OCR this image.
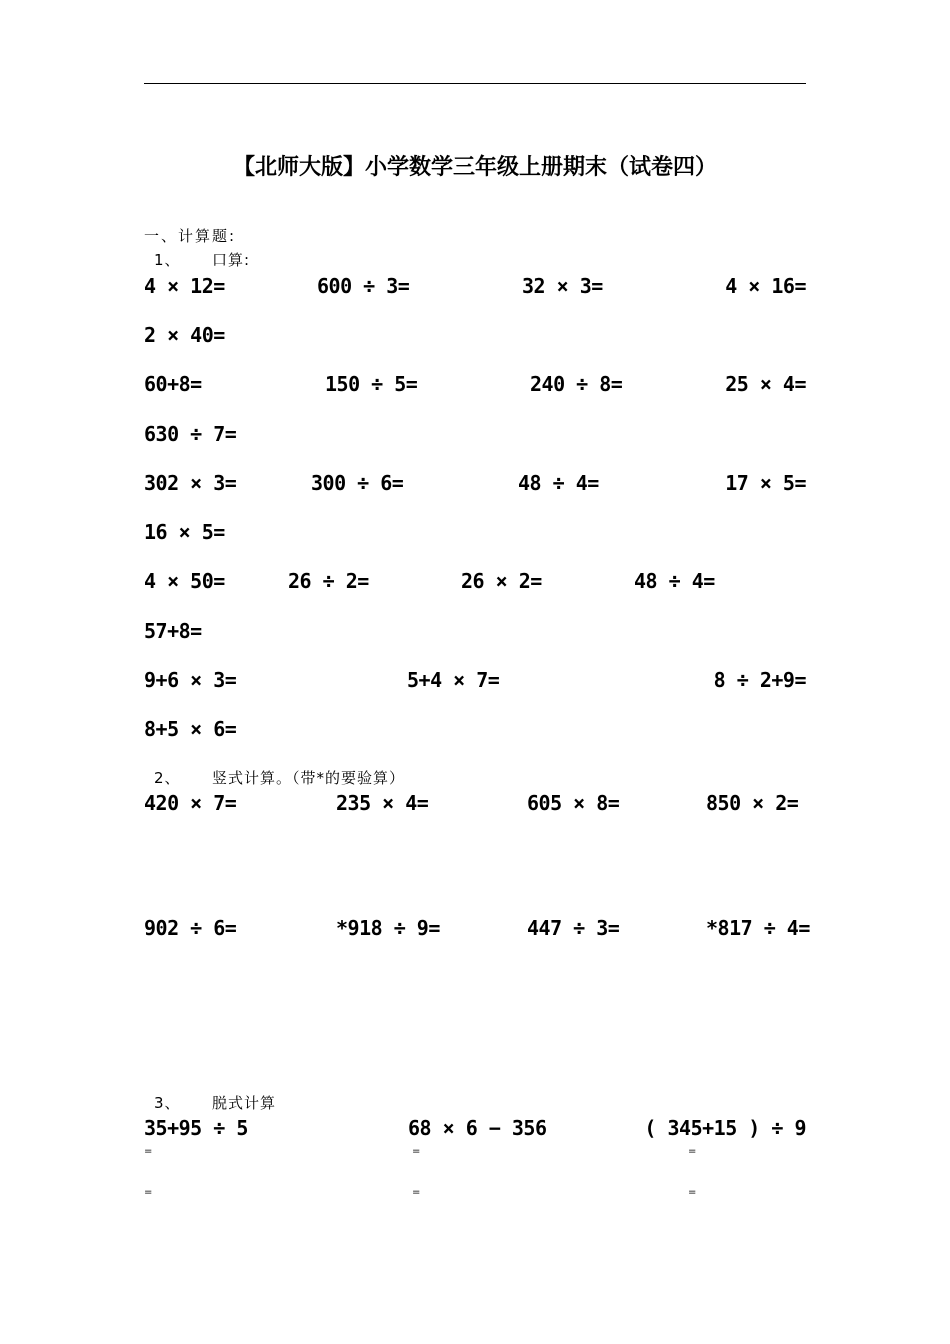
【北师大版】小学数学三年级上册期末（试卷四）
一、计算题:
1、 口算:
4 × 12=	600 ÷ 3=	32 × 3=	4 × 16=
2 × 40=
60+8=	150 ÷ 5=	240 ÷ 8=	25 × 4=
630 ÷ 7=
302 × 3=	300 ÷ 6=	48 ÷ 4=	17 × 5=
16 × 5=
4 × 50=	26 ÷ 2=	26 × 2=	48 ÷ 4=
57+8=
9+6 × 3=	5+4 × 7=	8 ÷ 2+9=
8+5 × 6=
2、 竖式计算。（带*的要验算）
420 × 7=	235 × 4=	605 × 8=	850 × 2=
902 ÷ 6=	*918 ÷ 9=	447 ÷ 3=	*817 ÷ 4=
3、 脱式计算
35+95 ÷ 5	68 × 6 − 356	( 345+15 ) ÷ 9
=	=	=
=	=	=
